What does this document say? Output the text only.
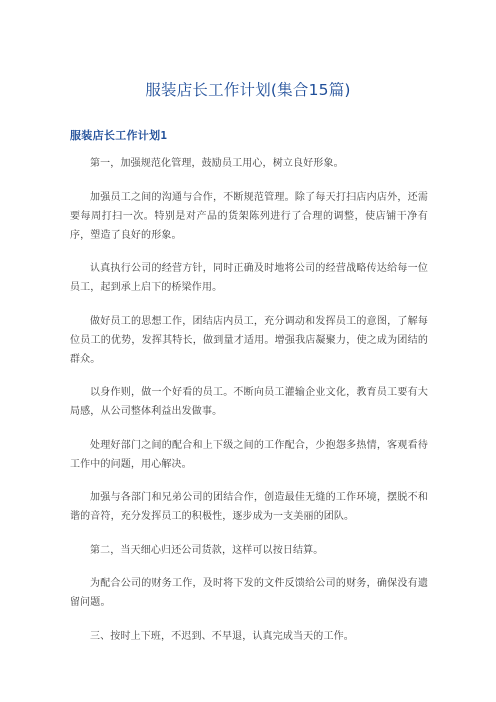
服装店长工作计划(集合15篇)
服装店长工作计划1

第一，加强规范化管理，鼓励员工用心，树立良好形象。

加强员工之间的沟通与合作，不断规范管理。除了每天打扫店内店外，还需要每周打扫一次。特别是对产品的货架陈列进行了合理的调整，使店铺干净有序，塑造了良好的形象。

认真执行公司的经营方针，同时正确及时地将公司的经营战略传达给每一位员工，起到承上启下的桥梁作用。

做好员工的思想工作，团结店内员工，充分调动和发挥员工的意图，了解每位员工的优势，发挥其特长，做到量才适用。增强我店凝聚力，使之成为团结的群众。

以身作则，做一个好看的员工。不断向员工灌输企业文化，教育员工要有大局感，从公司整体利益出发做事。

处理好部门之间的配合和上下级之间的工作配合，少抱怨多热情，客观看待工作中的问题，用心解决。

加强与各部门和兄弟公司的团结合作，创造最佳无缝的工作环境，摆脱不和谐的音符，充分发挥员工的积极性，逐步成为一支美丽的团队。

第二，当天细心归还公司货款，这样可以按日结算。

为配合公司的财务工作，及时将下发的文件反馈给公司的财务，确保没有遗留问题。

三、按时上下班，不迟到、不早退，认真完成当天的工作。
